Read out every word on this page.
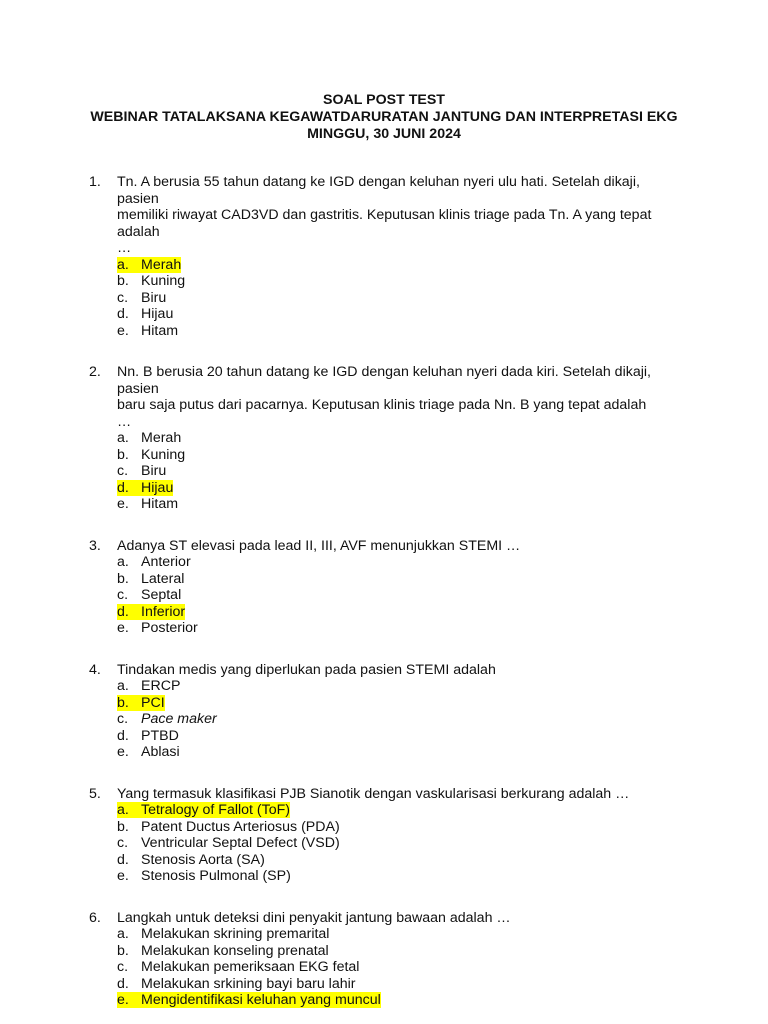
SOAL POST TEST
WEBINAR TATALAKSANA KEGAWATDARURATAN JANTUNG DAN INTERPRETASI EKG
MINGGU, 30 JUNI 2024
1. Tn. A berusia 55 tahun datang ke IGD dengan keluhan nyeri ulu hati. Setelah dikaji, pasien
memiliki riwayat CAD3VD dan gastritis. Keputusan klinis triage pada Tn. A yang tepat adalah
…
a. Merah
b. Kuning
c. Biru
d. Hijau
e. Hitam
2. Nn. B berusia 20 tahun datang ke IGD dengan keluhan nyeri dada kiri. Setelah dikaji, pasien
baru saja putus dari pacarnya. Keputusan klinis triage pada Nn. B yang tepat adalah …
a. Merah
b. Kuning
c. Biru
d. Hijau
e. Hitam
3. Adanya ST elevasi pada lead II, III, AVF menunjukkan STEMI …
a. Anterior
b. Lateral
c. Septal
d. Inferior
e. Posterior
4. Tindakan medis yang diperlukan pada pasien STEMI adalah
a. ERCP
b. PCI
c. Pace maker
d. PTBD
e. Ablasi
5. Yang termasuk klasifikasi PJB Sianotik dengan vaskularisasi berkurang adalah …
a. Tetralogy of Fallot (ToF)
b. Patent Ductus Arteriosus (PDA)
c. Ventricular Septal Defect (VSD)
d. Stenosis Aorta (SA)
e. Stenosis Pulmonal (SP)
6. Langkah untuk deteksi dini penyakit jantung bawaan adalah …
a. Melakukan skrining premarital
b. Melakukan konseling prenatal
c. Melakukan pemeriksaan EKG fetal
d. Melakukan srkining bayi baru lahir
e. Mengidentifikasi keluhan yang muncul
